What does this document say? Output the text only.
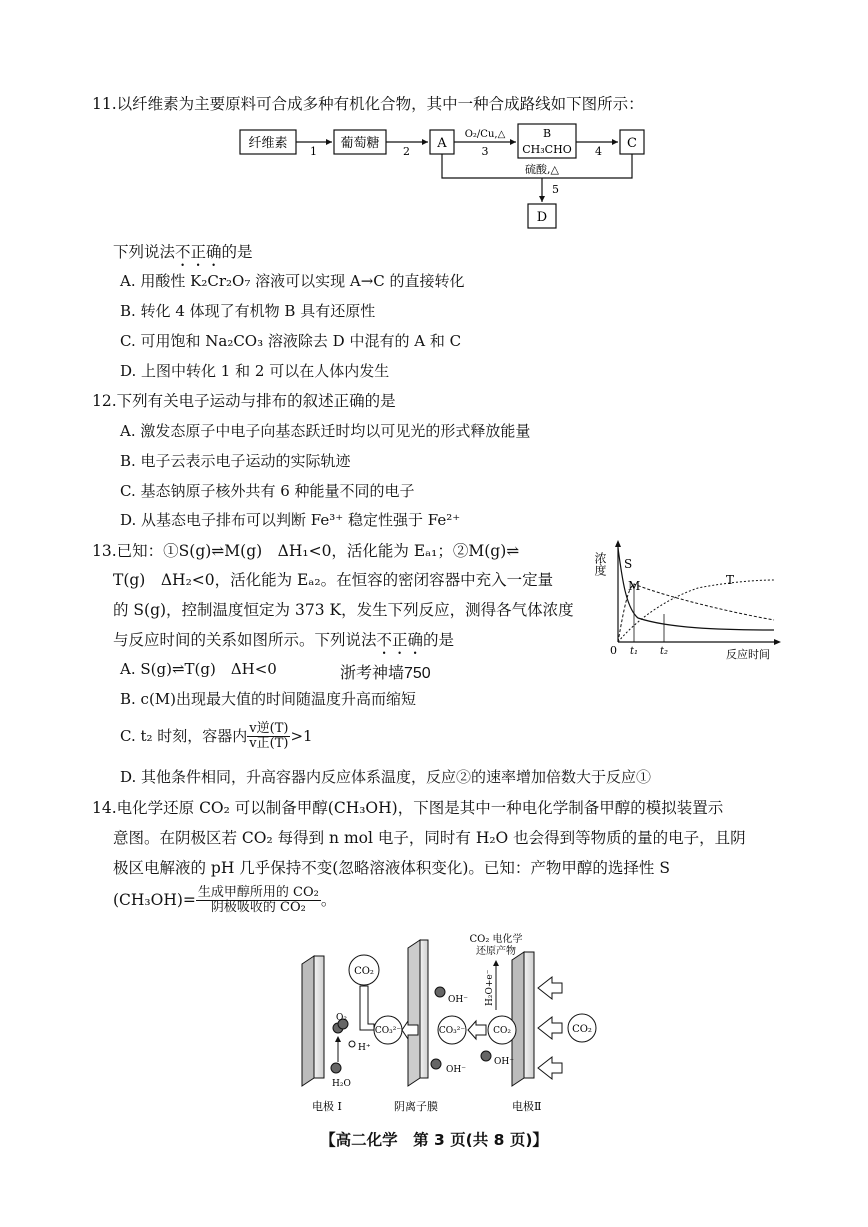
11.以纤维素为主要原料可合成多种有机化合物，其中一种合成路线如下图所示：
纤维素	葡萄糖	A
B
CH₃CHO	C
D
1	2
O₂/Cu,△
3	4
硫酸,△
5
下列说法不正确的是
A. 用酸性 K₂Cr₂O₇ 溶液可以实现 A→C 的直接转化
B. 转化 4 体现了有机物 B 具有还原性
C. 可用饱和 Na₂CO₃ 溶液除去 D 中混有的 A 和 C
D. 上图中转化 1 和 2 可以在人体内发生
12.下列有关电子运动与排布的叙述正确的是
A. 激发态原子中电子向基态跃迁时均以可见光的形式释放能量
B. 电子云表示电子运动的实际轨迹
C. 基态钠原子核外共有 6 种能量不同的电子
D. 从基态电子排布可以判断 Fe³⁺ 稳定性强于 Fe²⁺
13.已知：①S(g)⇌M(g)　ΔH₁<0，活化能为 Eₐ₁；②M(g)⇌
T(g)　ΔH₂<0，活化能为 Eₐ₂。在恒容的密闭容器中充入一定量
的 S(g)，控制温度恒定为 373 K，发生下列反应，测得各气体浓度
与反应时间的关系如图所示。下列说法不正确的是
A. S(g)⇌T(g)　ΔH<0	浙考神墙750
B. c(M)出现最大值的时间随温度升高而缩短
C. t₂ 时刻，容器内 $\frac{\text{v逆(T)}}{\text{v正(T)}} >1$
D. 其他条件相同，升高容器内反应体系温度，反应②的速率增加倍数大于反应①
浓度
反应时间
0 t₁ t₂
S
M	T
14.电化学还原 CO₂ 可以制备甲醇(CH₃OH)，下图是其中一种电化学制备甲醇的模拟装置示
意图。在阴极区若 CO₂ 每得到 n mol 电子，同时有 H₂O 也会得到等物质的量的电子，且阴
极区电解液的 pH 几乎保持不变(忽略溶液体积变化)。已知：产物甲醇的选择性 S
$(CH_3OH)= \frac{\text{生成甲醇所用的 CO₂}}{\text{阴极吸收的 CO₂}}$ 。
CO₂
CO₂ 电化学
还原产物
H₂O+e⁻
CO₂
CO₃²⁻	CO₃²⁻	CO₂
O₂
H₂O
H⁺
OH⁻
OH⁻
OH⁻
电极 I	阴离子膜	电极Ⅱ
【高二化学　第 3 页(共 8 页)】
